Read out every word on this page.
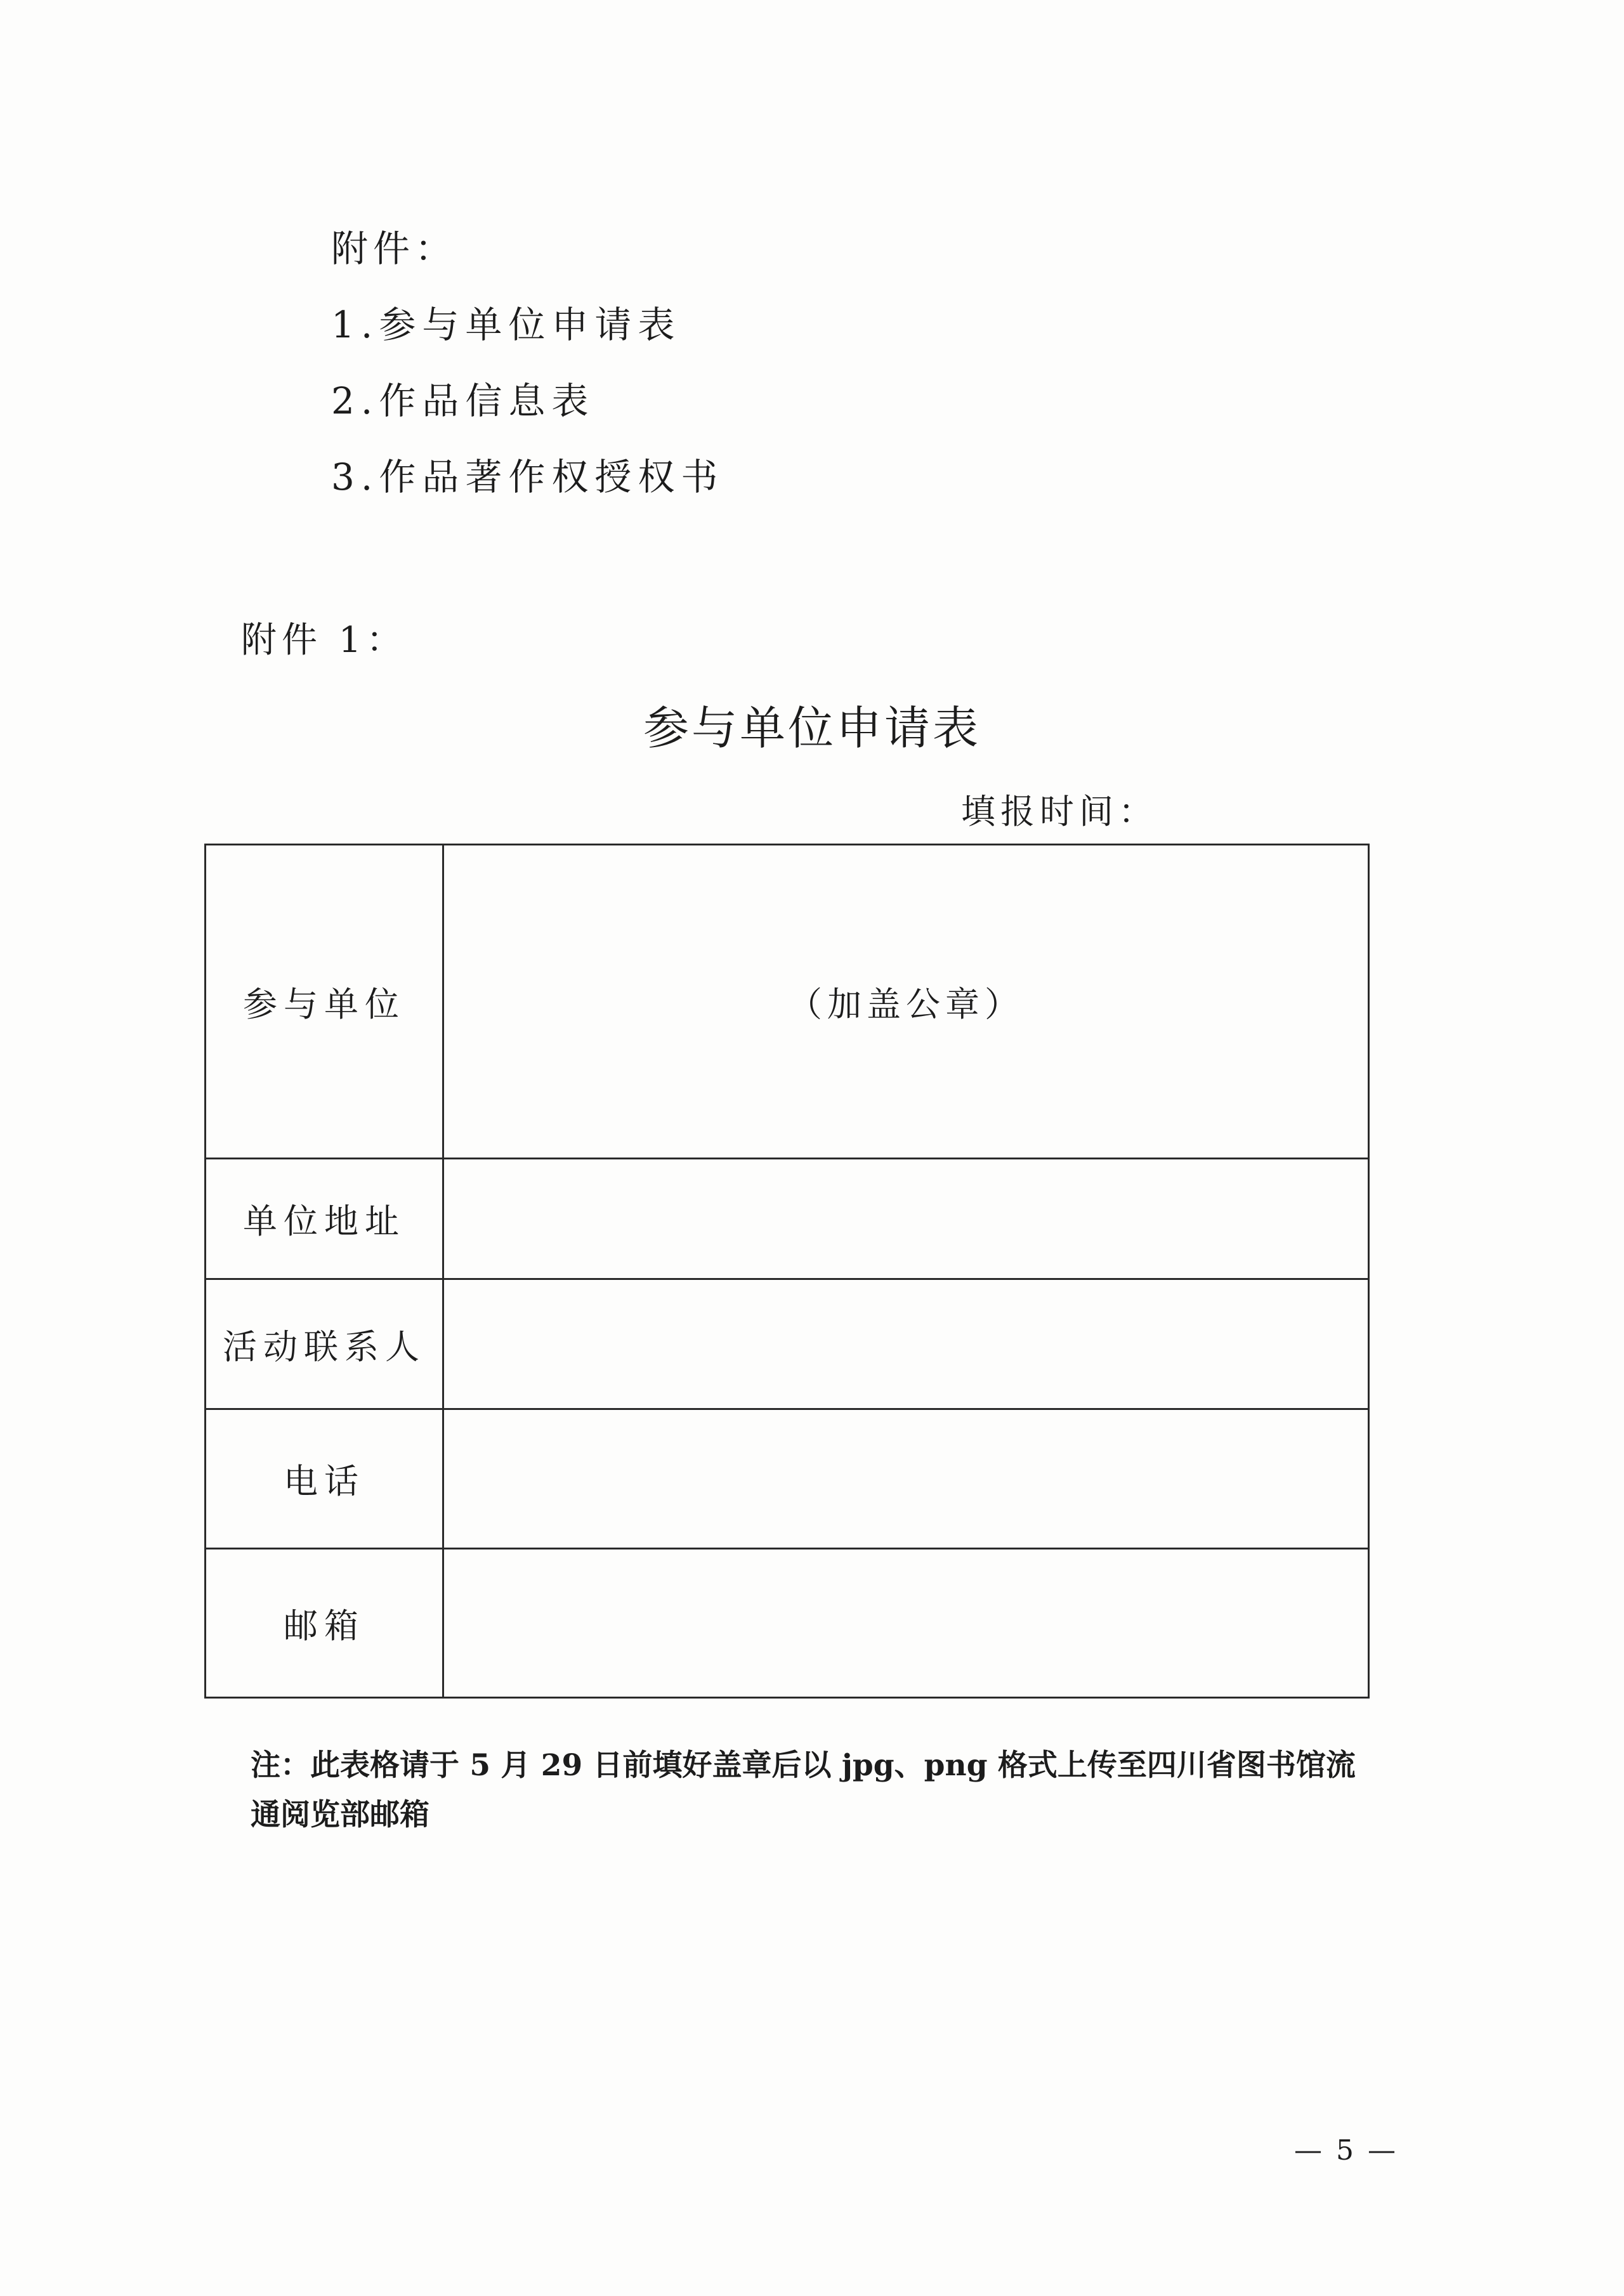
附件：
1.参与单位申请表
2.作品信息表
3.作品著作权授权书
附件 1：
参与单位申请表
填报时间：
参与单位	（加盖公章）
单位地址	
活动联系人	
电话	
邮箱	
注：此表格请于 5 月 29 日前填好盖章后以 jpg、png 格式上传至四川省图书馆流通阅览部邮箱
— 5 —
